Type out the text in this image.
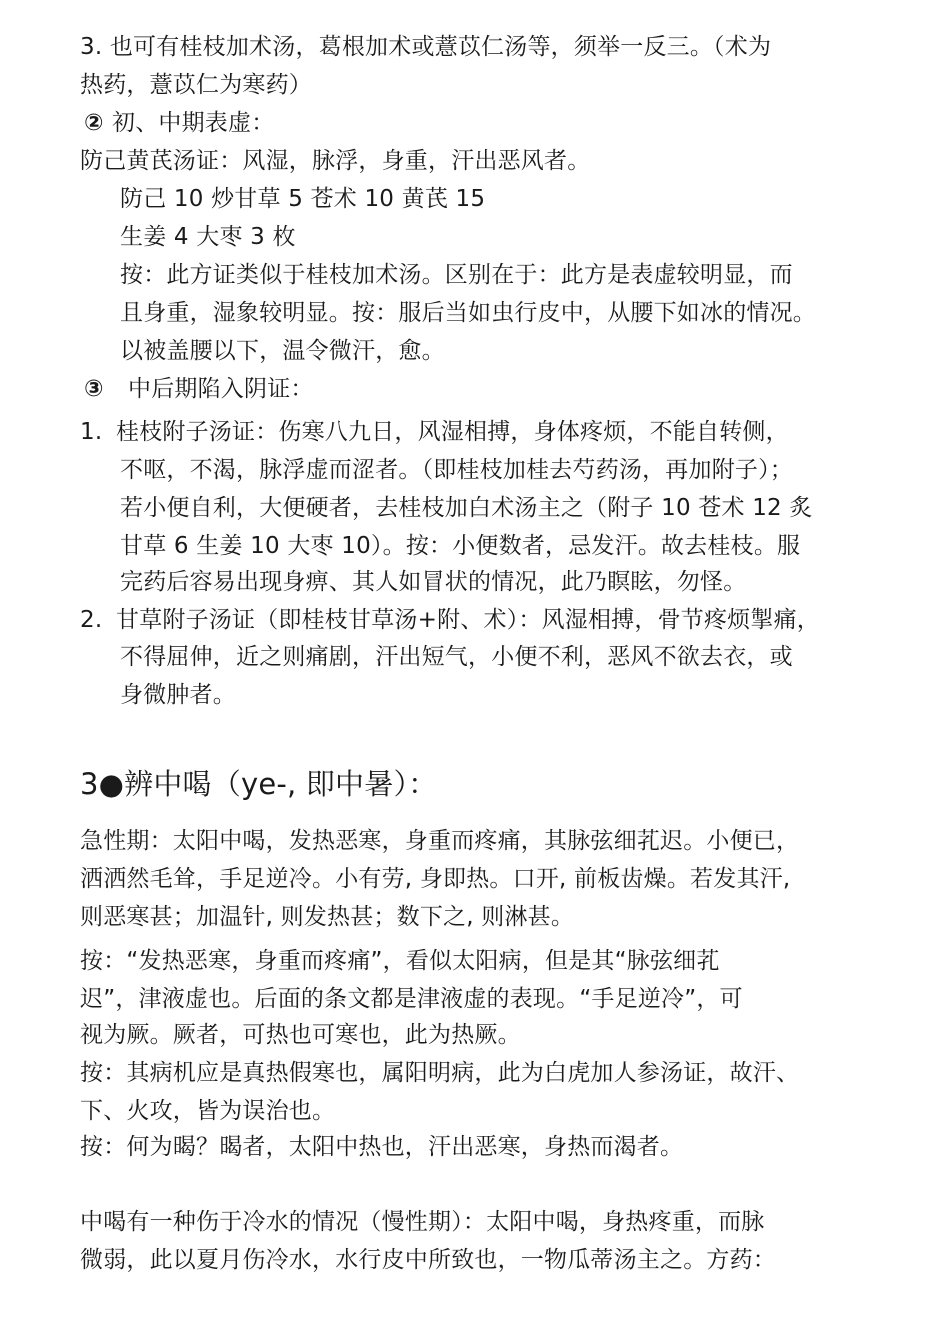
3. 也可有桂枝加术汤，葛根加术或薏苡仁汤等，须举一反三。（术为
热药，薏苡仁为寒药）
② 初、中期表虚：
防己黄芪汤证：风湿，脉浮，身重，汗出恶风者。
防己 10 炒甘草 5 苍术 10 黄芪 15
生姜 4 大枣 3 枚
按：此方证类似于桂枝加术汤。区别在于：此方是表虚较明显，而
且身重，湿象较明显。按：服后当如虫行皮中，从腰下如冰的情况。
以被盖腰以下，温令微汗，愈。
③ 中后期陷入阴证：
1. 桂枝附子汤证：伤寒八九日，风湿相搏，身体疼烦，不能自转侧，
不呕，不渴，脉浮虚而涩者。（即桂枝加桂去芍药汤，再加附子）；
若小便自利，大便硬者，去桂枝加白术汤主之（附子 10 苍术 12 炙
甘草 6 生姜 10 大枣 10）。按：小便数者，忌发汗。故去桂枝。服
完药后容易出现身痹、其人如冒状的情况，此乃瞑眩，勿怪。
2. 甘草附子汤证（即桂枝甘草汤+附、术）：风湿相搏，骨节疼烦掣痛，
不得屈伸，近之则痛剧，汗出短气，小便不利，恶风不欲去衣，或
身微肿者。
3●辨中喝（ye-, 即中暑）：
急性期：太阳中喝，发热恶寒，身重而疼痛，其脉弦细芤迟。小便已，
洒洒然毛耸，手足逆冷。小有劳, 身即热。口开, 前板齿燥。若发其汗,
则恶寒甚；加温针, 则发热甚；数下之, 则淋甚。
按：“发热恶寒，身重而疼痛”，看似太阳病，但是其“脉弦细芤
迟”，津液虚也。后面的条文都是津液虚的表现。“手足逆冷”，可
视为厥。厥者，可热也可寒也，此为热厥。
按：其病机应是真热假寒也，属阳明病，此为白虎加人参汤证，故汗、
下、火攻，皆为误治也。
按：何为暍？暍者，太阳中热也，汗出恶寒，身热而渴者。
中喝有一种伤于冷水的情况（慢性期）：太阳中喝，身热疼重，而脉
微弱，此以夏月伤冷水，水行皮中所致也，一物瓜蒂汤主之。方药：
